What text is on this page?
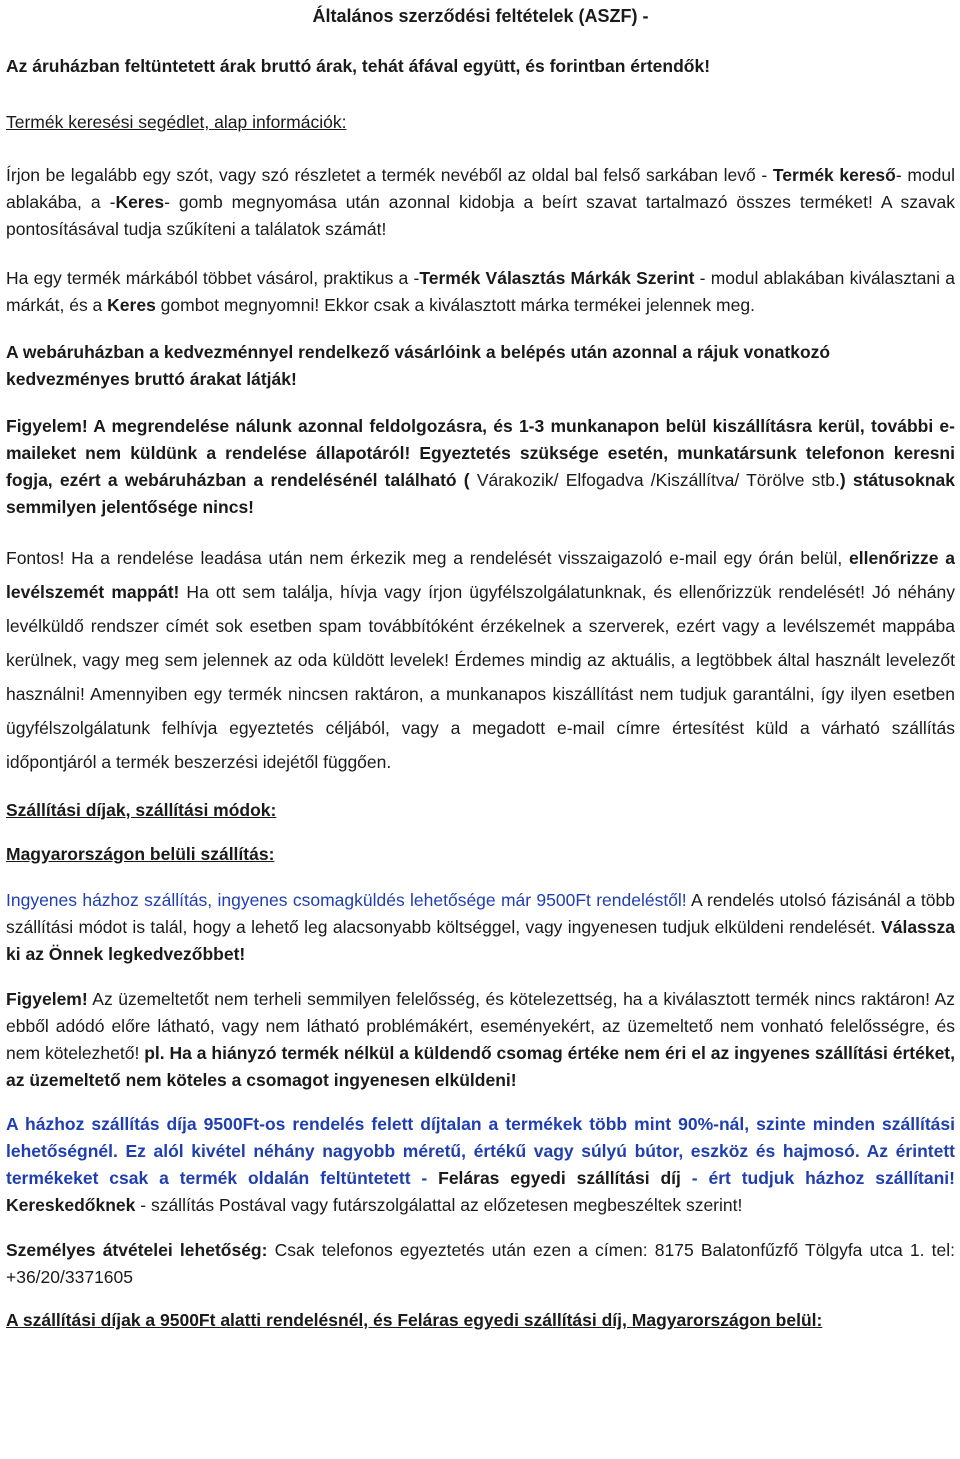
Általános szerződési feltételek (ASZF) -

Az áruházban feltüntetett árak bruttó árak, tehát áfával együtt, és forintban értendők!

Termék keresési segédlet, alap információk:

Írjon be legalább egy szót, vagy szó részletet a termék nevéből az oldal bal felső sarkában levő - Termék kereső- modul ablakába, a -Keres- gomb megnyomása után azonnal kidobja a beírt szavat tartalmazó összes terméket! A szavak pontosításával tudja szűkíteni a találatok számát!

Ha egy termék márkából többet vásárol, praktikus a -Termék Választás Márkák Szerint - modul ablakában kiválasztani a márkát, és a Keres gombot megnyomni! Ekkor csak a kiválasztott márka termékei jelennek meg.

A webáruházban a kedvezménnyel rendelkező vásárlóink a belépés után azonnal a rájuk vonatkozó kedvezményes bruttó árakat látják!

Figyelem! A megrendelése nálunk azonnal feldolgozásra, és 1-3 munkanapon belül kiszállításra kerül, további e-maileket nem küldünk a rendelése állapotáról! Egyeztetés szüksége esetén, munkatársunk telefonon keresni fogja, ezért a webáruházban a rendelésénél található ( Várakozik/ Elfogadva /Kiszállítva/ Törölve stb.) státusoknak semmilyen jelentősége nincs!

Fontos! Ha a rendelése leadása után nem érkezik meg a rendelését visszaigazoló e-mail egy órán belül, ellenőrizze a levélszemét mappát! Ha ott sem találja, hívja vagy írjon ügyfélszolgálatunknak, és ellenőrizzük rendelését! Jó néhány levélküldő rendszer címét sok esetben spam továbbítóként érzékelnek a szerverek, ezért vagy a levélszemét mappába kerülnek, vagy meg sem jelennek az oda küldött levelek! Érdemes mindig az aktuális, a legtöbbek által használt levelezőt használni! Amennyiben egy termék nincsen raktáron, a munkanapos kiszállítást nem tudjuk garantálni, így ilyen esetben ügyfélszolgálatunk felhívja egyeztetés céljából, vagy a megadott e-mail címre értesítést küld a várható szállítás időpontjáról a termék beszerzési idejétől függően.

Szállítási díjak, szállítási módok:

Magyarországon belüli szállítás:

Ingyenes házhoz szállítás, ingyenes csomagküldés lehetősége már 9500Ft rendeléstől! A rendelés utolsó fázisánál a több szállítási módot is talál, hogy a lehető leg alacsonyabb költséggel, vagy ingyenesen tudjuk elküldeni rendelését. Válassza ki az Önnek legkedvezőbbet!

Figyelem! Az üzemeltetőt nem terheli semmilyen felelősség, és kötelezettség, ha a kiválasztott termék nincs raktáron! Az ebből adódó előre látható, vagy nem látható problémákért, eseményekért, az üzemeltető nem vonható felelősségre, és nem kötelezhető! pl. Ha a hiányzó termék nélkül a küldendő csomag értéke nem éri el az ingyenes szállítási értéket, az üzemeltető nem köteles a csomagot ingyenesen elküldeni!

A házhoz szállítás díja 9500Ft-os rendelés felett díjtalan a termékek több mint 90%-nál, szinte minden szállítási lehetőségnél. Ez alól kivétel néhány nagyobb méretű, értékű vagy súlyú bútor, eszköz és hajmosó. Az érintett termékeket csak a termék oldalán feltüntetett - Feláras egyedi szállítási díj - ért tudjuk házhoz szállítani! Kereskedőknek - szállítás Postával vagy futárszolgálattal az előzetesen megbeszéltek szerint!

Személyes átvételei lehetőség: Csak telefonos egyeztetés után ezen a címen: 8175 Balatonfűzfő Tölgyfa utca 1. tel: +36/20/3371605

A szállítási díjak a 9500Ft alatti rendelésnél, és Feláras egyedi szállítási díj, Magyarországon belül:
